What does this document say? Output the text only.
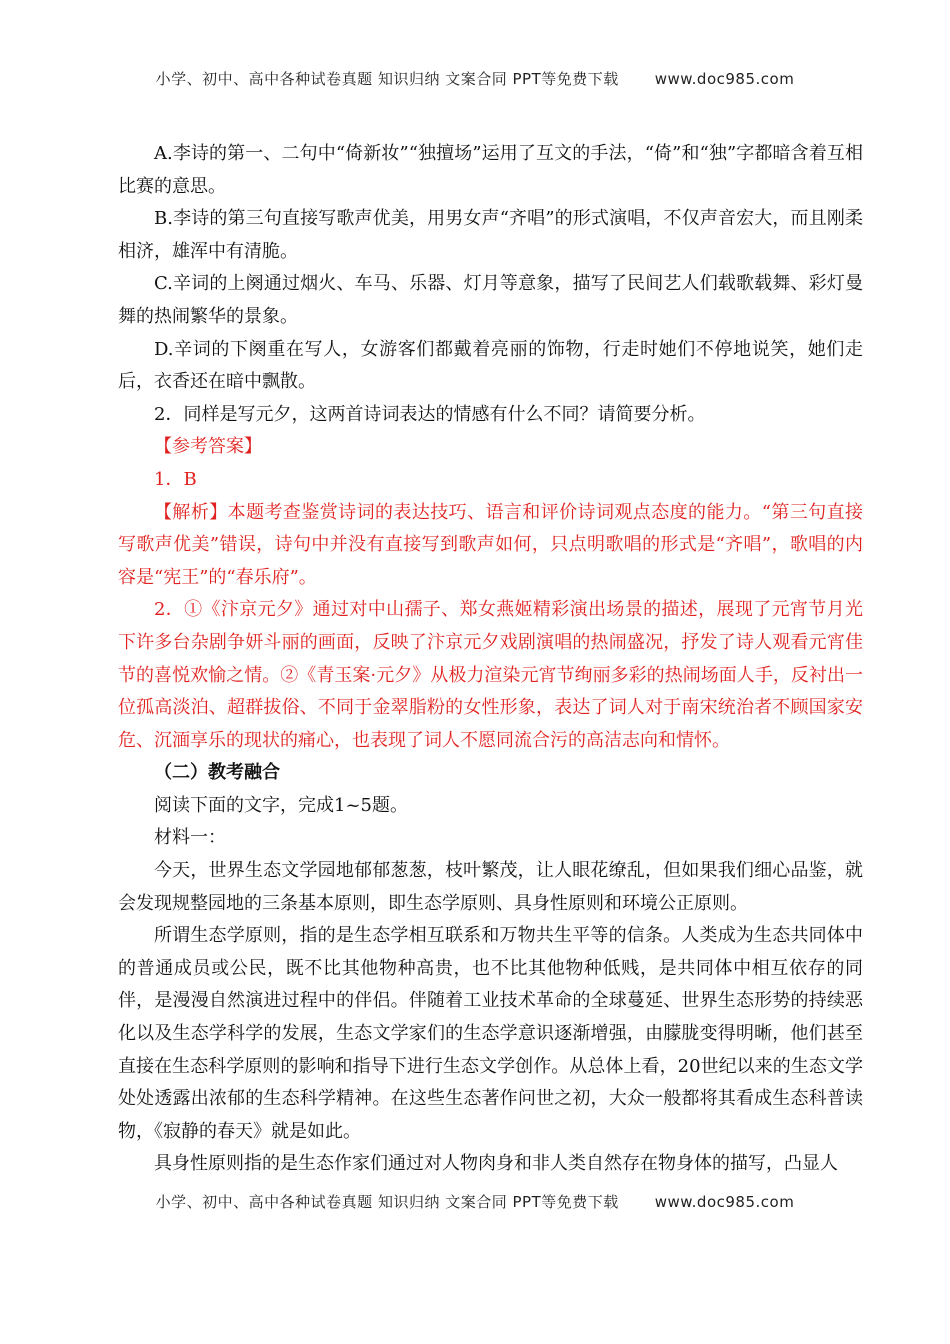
小学、初中、高中各种试卷真题 知识归纳 文案合同 PPT等免费下载 www.doc985.com

A.李诗的第一、二句中“倚新妆”“独擅场”运用了互文的手法，“倚”和“独”字都暗含着互相比赛的意思。

B.李诗的第三句直接写歌声优美，用男女声“齐唱”的形式演唱，不仅声音宏大，而且刚柔相济，雄浑中有清脆。

C.辛词的上阕通过烟火、车马、乐器、灯月等意象，描写了民间艺人们载歌载舞、彩灯曼舞的热闹繁华的景象。

D.辛词的下阕重在写人，女游客们都戴着亮丽的饰物，行走时她们不停地说笑，她们走后，衣香还在暗中飘散。

2．同样是写元夕，这两首诗词表达的情感有什么不同？请简要分析。

【参考答案】

1．B

【解析】本题考查鉴赏诗词的表达技巧、语言和评价诗词观点态度的能力。“第三句直接写歌声优美”错误，诗句中并没有直接写到歌声如何，只点明歌唱的形式是“齐唱”，歌唱的内容是“宪王”的“春乐府”。

2．①《汴京元夕》通过对中山孺子、郑女燕姬精彩演出场景的描述，展现了元宵节月光下许多台杂剧争妍斗丽的画面，反映了汴京元夕戏剧演唱的热闹盛况，抒发了诗人观看元宵佳节的喜悦欢愉之情。②《青玉案·元夕》从极力渲染元宵节绚丽多彩的热闹场面人手，反衬出一位孤高淡泊、超群拔俗、不同于金翠脂粉的女性形象，表达了词人对于南宋统治者不顾国家安危、沉湎享乐的现状的痛心，也表现了词人不愿同流合污的高洁志向和情怀。

（二）教考融合

阅读下面的文字，完成1~5题。

材料一：

今天，世界生态文学园地郁郁葱葱，枝叶繁茂，让人眼花缭乱，但如果我们细心品鉴，就会发现规整园地的三条基本原则，即生态学原则、具身性原则和环境公正原则。

所谓生态学原则，指的是生态学相互联系和万物共生平等的信条。人类成为生态共同体中的普通成员或公民，既不比其他物种高贵，也不比其他物种低贱，是共同体中相互依存的同伴，是漫漫自然演进过程中的伴侣。伴随着工业技术革命的全球蔓延、世界生态形势的持续恶化以及生态学科学的发展，生态文学家们的生态学意识逐渐增强，由朦胧变得明晰，他们甚至直接在生态科学原则的影响和指导下进行生态文学创作。从总体上看，20世纪以来的生态文学处处透露出浓郁的生态科学精神。在这些生态著作问世之初，大众一般都将其看成生态科普读物，《寂静的春天》就是如此。

具身性原则指的是生态作家们通过对人物肉身和非人类自然存在物身体的描写，凸显人

小学、初中、高中各种试卷真题 知识归纳 文案合同 PPT等免费下载 www.doc985.com
